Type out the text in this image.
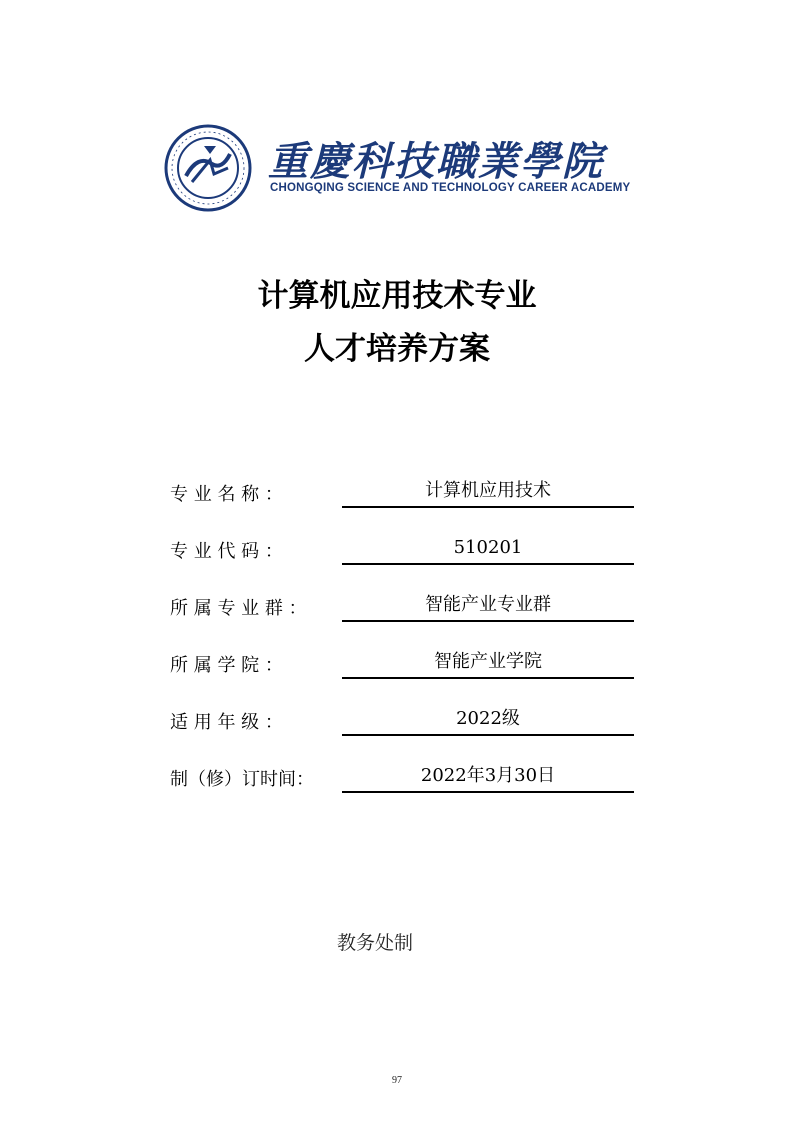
重慶科技職業學院
CHONGQING SCIENCE AND TECHNOLOGY CAREER ACADEMY
计算机应用技术专业
人才培养方案
专 业 名 称 ：	计算机应用技术
专 业 代 码 ：	510201
所 属 专 业 群 ：	智能产业专业群
所 属 学 院 ：	智能产业学院
适 用 年 级 ：	2022级
制（修）订时间：	2022年3月30日
教务处制
97
